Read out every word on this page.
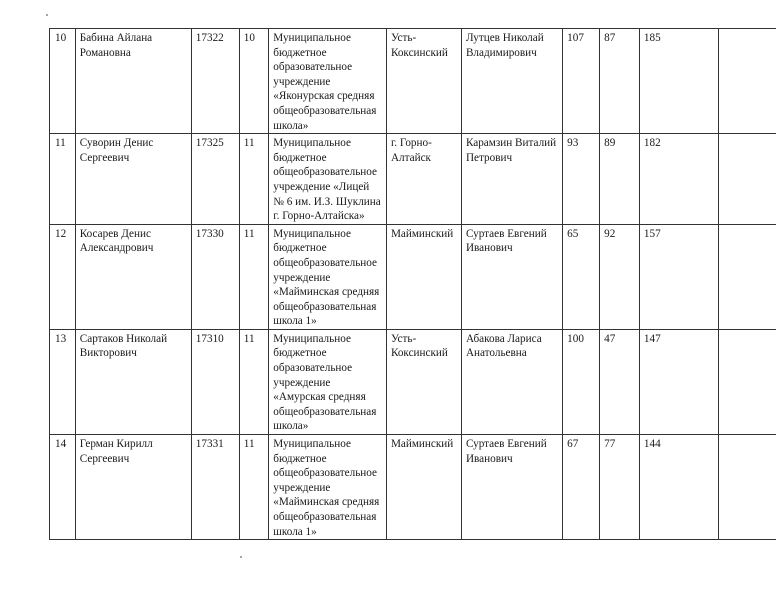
10	Бабина Айлана Романовна	17322	10	Муниципальное бюджетное образовательное учреждение «Яконурская средняя общеобразовательная школа»	Усть-Коксинский	Лутцев Николай Владимирович	107	87	185	
11	Суворин Денис Сергеевич	17325	11	Муниципальное бюджетное общеобразовательное учреждение «Лицей № 6 им. И.З. Шуклина г. Горно-Алтайска»	г. Горно-Алтайск	Карамзин Виталий Петрович	93	89	182	
12	Косарев Денис Александрович	17330	11	Муниципальное бюджетное общеобразовательное учреждение «Майминская средняя общеобразовательная школа 1»	Майминский	Суртаев Евгений Иванович	65	92	157	
13	Сартаков Николай Викторович	17310	11	Муниципальное бюджетное образовательное учреждение «Амурская средняя общеобразовательная школа»	Усть-Коксинский	Абакова Лариса Анатольевна	100	47	147	
14	Герман Кирилл Сергеевич	17331	11	Муниципальное бюджетное общеобразовательное учреждение «Майминская средняя общеобразовательная школа 1»	Майминский	Суртаев Евгений Иванович	67	77	144	
